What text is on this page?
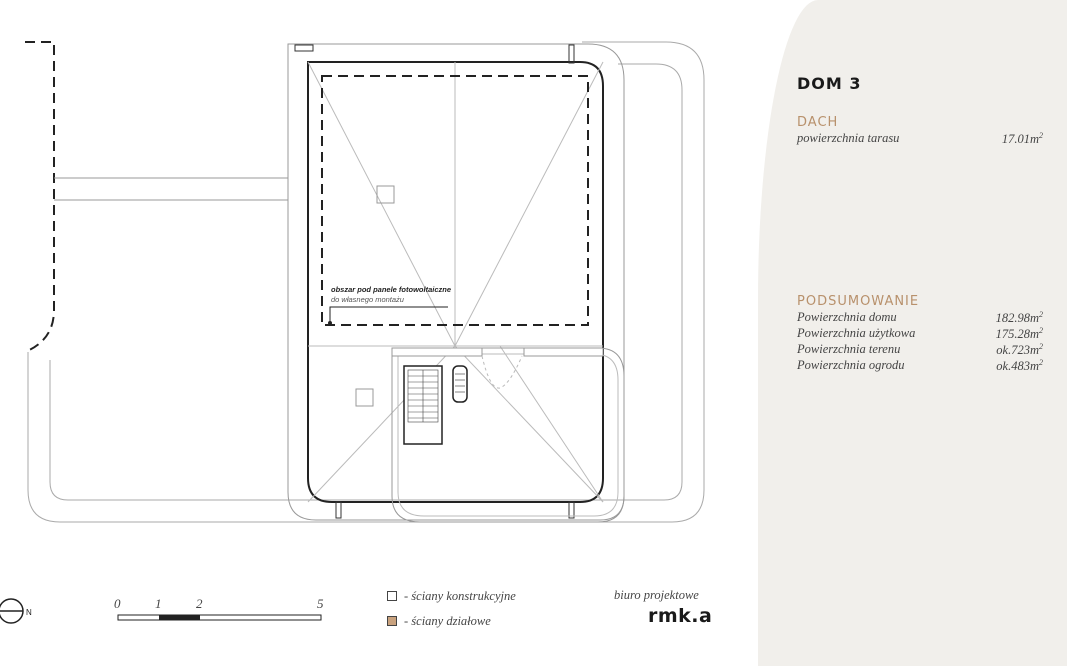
N
DOM 3
DACH
powierzchnia tarasu	$17.01m^2$
PODSUMOWANIE
Powierzchnia domu	$182.98m^2$
Powierzchnia użytkowa	$175.28m^2$
Powierzchnia terenu	$ok.723m^2$
Powierzchnia ogrodu	$ok.483m^2$
obszar pod panele fotowoltaiczne
do własnego montażu
0	1	2	5	- ściany konstrukcyjne
- ściany działowe
biuro projektowe
rmk.a
